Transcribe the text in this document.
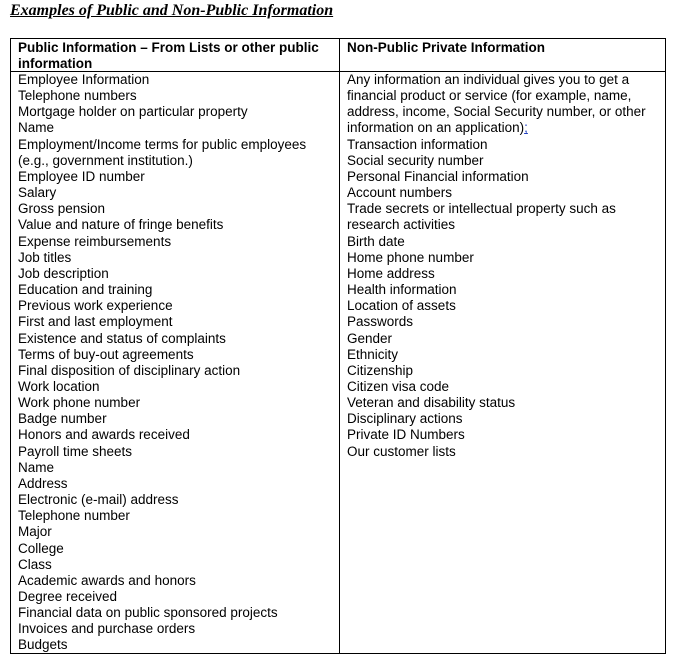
Examples of Public and Non-Public Information
Public Information – From Lists or other public information
Employee Information
Telephone numbers
Mortgage holder on particular property
Name
Employment/Income terms for public employees (e.g., government institution.)
Employee ID number
Salary
Gross pension
Value and nature of fringe benefits
Expense reimbursements
Job titles
Job description
Education and training
Previous work experience
First and last employment
Existence and status of complaints
Terms of buy-out agreements
Final disposition of disciplinary action
Work location
Work phone number
Badge number
Honors and awards received
Payroll time sheets
Name
Address
Electronic (e-mail) address
Telephone number
Major
College
Class
Academic awards and honors
Degree received
Financial data on public sponsored projects
Invoices and purchase orders
Budgets
Non-Public Private Information
Any information an individual gives you to get a financial product or service (for example, name, address, income, Social Security number, or other information on an application);
Transaction information
Social security number
Personal Financial information
Account numbers
Trade secrets or intellectual property such as research activities
Birth date
Home phone number
Home address
Health information
Location of assets
Passwords
Gender
Ethnicity
Citizenship
Citizen visa code
Veteran and disability status
Disciplinary actions
Private ID Numbers
Our customer lists
